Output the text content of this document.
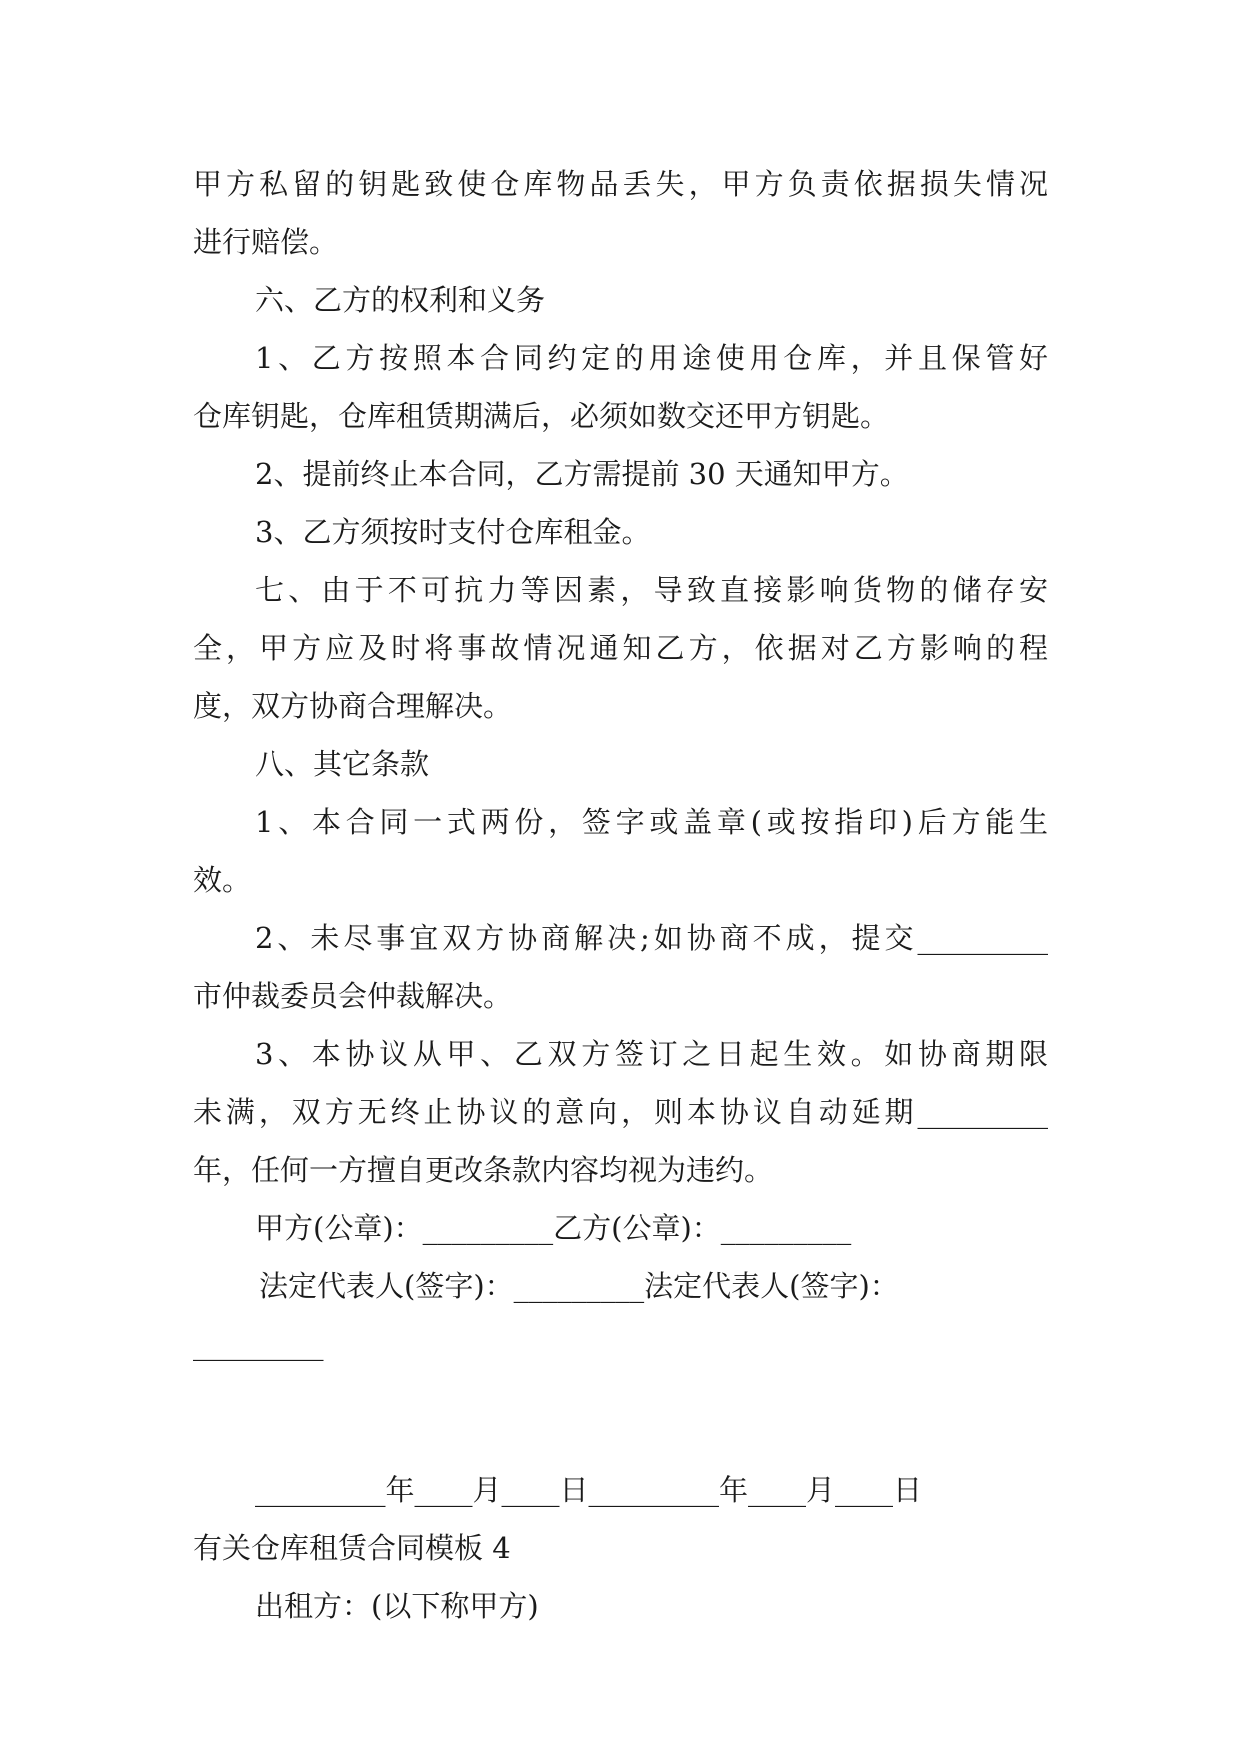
甲方私留的钥匙致使仓库物品丢失，甲方负责依据损失情况
进行赔偿。
六、乙方的权利和义务
1、乙方按照本合同约定的用途使用仓库，并且保管好
仓库钥匙，仓库租赁期满后，必须如数交还甲方钥匙。
2、提前终止本合同，乙方需提前 30 天通知甲方。
3、乙方须按时支付仓库租金。
七、由于不可抗力等因素，导致直接影响货物的储存安
全，甲方应及时将事故情况通知乙方，依据对乙方影响的程
度，双方协商合理解决。
八、其它条款
1、本合同一式两份，签字或盖章(或按指印)后方能生
效。
2、未尽事宜双方协商解决;如协商不成，提交_________
市仲裁委员会仲裁解决。
3、本协议从甲、乙双方签订之日起生效。如协商期限
未满，双方无终止协议的意向，则本协议自动延期_________
年，任何一方擅自更改条款内容均视为违约。
甲方(公章)：_________乙方(公章)：_________
法定代表人(签字)：_________法定代表人(签字)：
_________
_________年____月____日_________年____月____日
有关仓库租赁合同模板 4
出租方：(以下称甲方)
